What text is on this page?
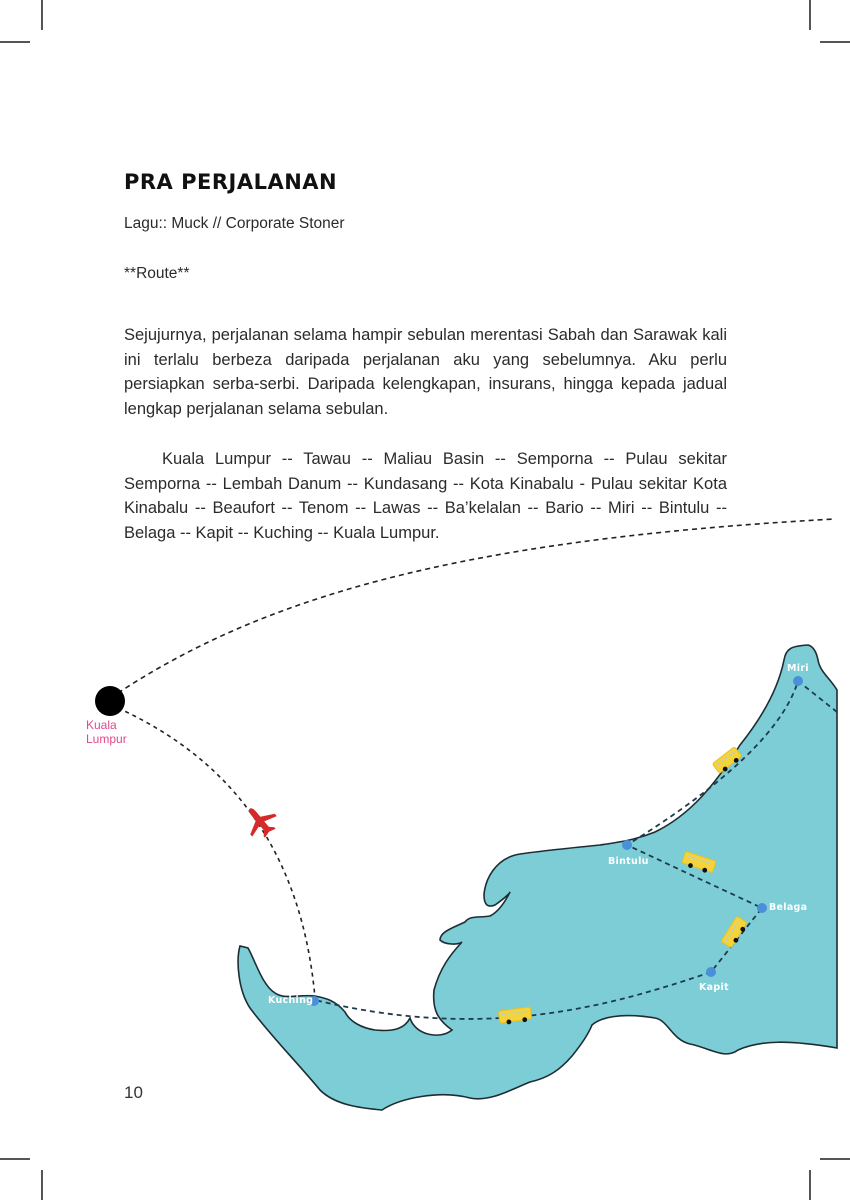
PRA PERJALANAN

Lagu:: Muck // Corporate Stoner

**Route**

Sejujurnya, perjalanan selama hampir sebulan merentasi Sabah dan Sarawak kali ini terlalu berbeza daripada perjalanan aku yang sebelumnya. Aku perlu persiapkan serba-serbi. Daripada kelengkapan, insurans, hingga kepada jadual lengkap perjalanan selama sebulan.

Kuala Lumpur -- Tawau -- Maliau Basin -- Semporna -- Pulau sekitar Semporna -- Lembah Danum -- Kundasang -- Kota Kinabalu - Pulau sekitar Kota Kinabalu -- Beaufort -- Tenom -- Lawas -- Ba’kelalan -- Bario -- Miri -- Bintulu -- Belaga -- Kapit -- Kuching -- Kuala Lumpur.

Kuala Lumpur

Miri

Bintulu

Belaga

Kapit

Kuching

10
